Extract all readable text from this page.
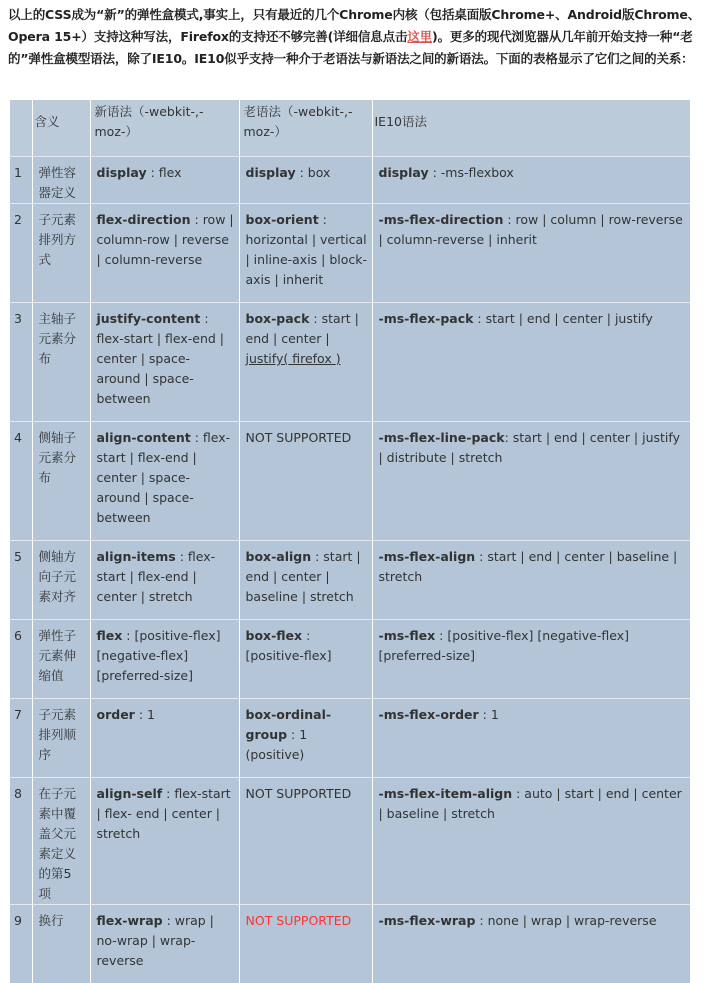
以上的CSS成为“新”的弹性盒模式,事实上，只有最近的几个Chrome内核（包括桌面版Chrome+、Android版Chrome、Opera 15+）支持这种写法，Firefox的支持还不够完善(详细信息点击这里)。更多的现代浏览器从几年前开始支持一种“老的”弹性盒模型语法，除了IE10。IE10似乎支持一种介于老语法与新语法之间的新语法。下面的表格显示了它们之间的关系：
	含义	新语法（-webkit-,-moz-）	老语法（-webkit-,-moz-）	IE10语法
1	弹性容器定义	display : flex	display : box	display : -ms-flexbox
2	子元素排列方式	flex-direction : row | column-row | reverse | column-reverse	box-orient : horizontal | vertical | inline-axis | block-axis | inherit	-ms-flex-direction : row | column | row-reverse | column-reverse | inherit
3	主轴子元素分布	justify-content : flex-start | flex-end | center | space- around | space-between	box-pack : start | end | center | justify( firefox )	-ms-flex-pack : start | end | center | justify
4	侧轴子元素分布	align-content : flex-start | flex-end | center | space- around | space-between	NOT SUPPORTED	-ms-flex-line-pack: start | end | center | justify | distribute | stretch
5	侧轴方向子元素对齐	align-items : flex-start | flex-end | center | stretch	box-align : start | end | center | baseline | stretch	-ms-flex-align : start | end | center | baseline | stretch
6	弹性子元素伸缩值	flex : [positive-flex] [negative-flex] [preferred-size]	box-flex : [positive-flex]	-ms-flex : [positive-flex] [negative-flex] [preferred-size]
7	子元素排列顺序	order : 1	box-ordinal-group : 1 (positive)	-ms-flex-order : 1
8	在子元素中覆盖父元素定义的第5项	align-self : flex-start | flex- end | center | stretch	NOT SUPPORTED	-ms-flex-item-align : auto | start | end | center | baseline | stretch
9	换行	flex-wrap : wrap | no-wrap | wrap-reverse	NOT SUPPORTED	-ms-flex-wrap : none | wrap | wrap-reverse
